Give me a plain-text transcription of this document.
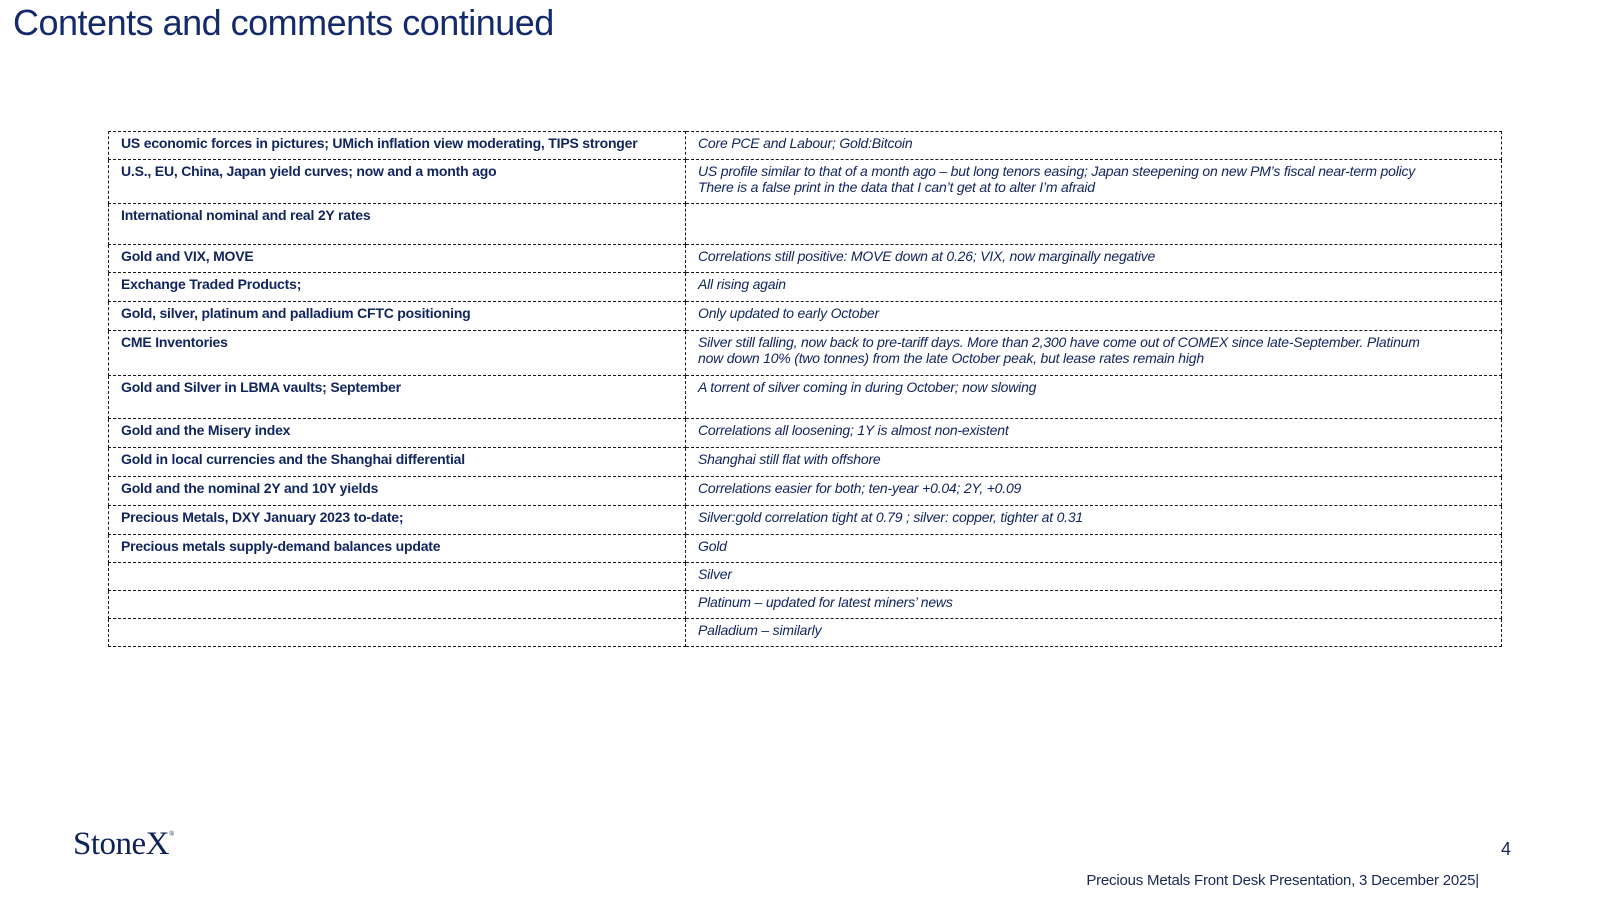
Contents and comments continued
US economic forces in pictures; UMich inflation view moderating, TIPS stronger	Core PCE and Labour; Gold:Bitcoin

U.S., EU, China, Japan yield curves; now and a month ago	US profile similar to that of a month ago – but long tenors easing; Japan steepening on new PM’s fiscal near-term policy
There is a false print in the data that I can’t get at to alter I’m afraid

International nominal and real 2Y rates	
Gold and VIX, MOVE	Correlations still positive: MOVE down at 0.26; VIX, now marginally negative

Exchange Traded Products;	All rising again

Gold, silver, platinum and palladium CFTC positioning	Only updated to early October

CME Inventories	Silver still falling, now back to pre-tariff days. More than 2,300 have come out of COMEX since late-September. Platinum
now down 10% (two tonnes) from the late October peak, but lease rates remain high

Gold and Silver in LBMA vaults; September	A torrent of silver coming in during October; now slowing

Gold and the Misery index	Correlations all loosening; 1Y is almost non-existent

Gold in local currencies and the Shanghai differential	Shanghai still flat with offshore

Gold and the nominal 2Y and 10Y yields	Correlations easier for both; ten-year +0.04; 2Y, +0.09

Precious Metals, DXY January 2023 to-date;	Silver:gold correlation tight at 0.79 ; silver: copper, tighter at 0.31

Precious metals supply-demand balances update	Gold

	Silver

	Platinum – updated for latest miners’ news

	Palladium – similarly
StoneX®
4
Precious Metals Front Desk Presentation, 3 December 2025|
